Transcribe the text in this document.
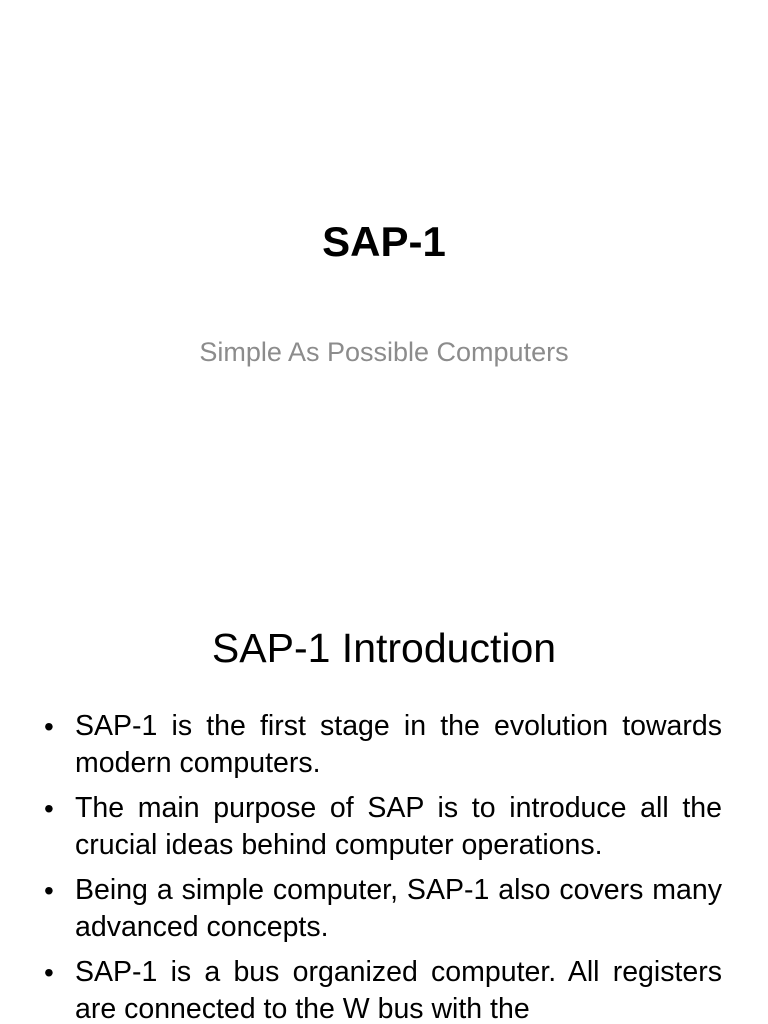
SAP-1

Simple As Possible Computers

SAP-1 Introduction
• SAP-1 is the first stage in the evolution towards modern computers.
• The main purpose of SAP is to introduce all the crucial ideas behind computer operations.
• Being a simple computer, SAP-1 also covers many advanced concepts.
• SAP-1 is a bus organized computer. All registers are connected to the W bus with the
